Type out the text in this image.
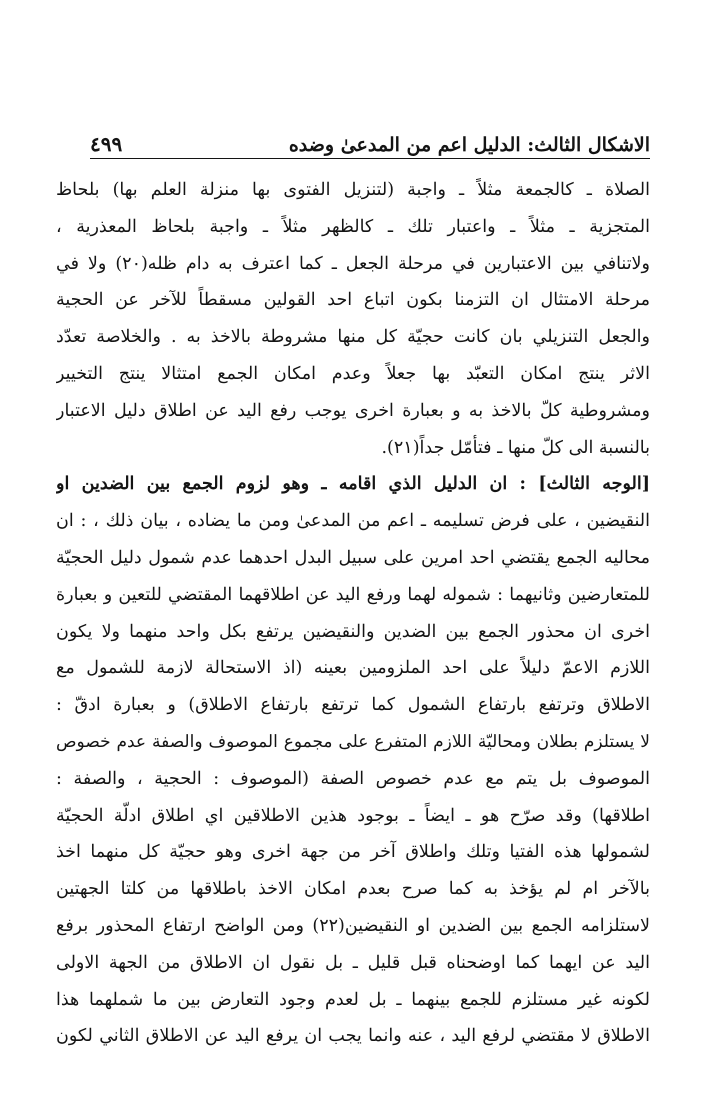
الاشكال الثالث: الدليل اعم من المدعیٰ وضده
٤٩٩
الصلاة ـ كالجمعة مثلاً ـ واجبة (لتنزيل الفتوى بها منزلة العلم بها) بلحاظ
المتجزية ـ مثلاً ـ واعتبار تلك ـ كالظهر مثلاً ـ واجبة بلحاظ المعذرية ،
ولاتنافي بين الاعتبارين في مرحلة الجعل ـ كما اعترف به دام ظله(٢٠) ولا في
مرحلة الامتثال ان التزمنا بكون اتباع احد القولين مسقطاً للآخر عن الحجية
والجعل التنزيلي بان كانت حجيّة كل منها مشروطة بالاخذ به . والخلاصة تعدّد
الاثر ينتج امكان التعبّد بها جعلاً وعدم امكان الجمع امتثالا ينتج التخيير
ومشروطية كلّ بالاخذ به و بعبارة اخرى يوجب رفع اليد عن اطلاق دليل الاعتبار
بالنسبة الى كلّ منها ـ فتأمّل جداً(٢١).
[الوجه الثالث] : ان الدليل الذي اقامه ـ وهو لزوم الجمع بين الضدين او
النقيضين ، على فرض تسليمه ـ اعم من المدعیٰ ومن ما يضاده ، بيان ذلك ، : ان
محاليه الجمع يقتضي احد امرين على سبيل البدل احدهما عدم شمول دليل الحجيّة
للمتعارضين وثانيهما : شموله لهما ورفع اليد عن اطلاقهما المقتضي للتعين و بعبارة
اخرى ان محذور الجمع بين الضدين والنقيضين يرتفع بكل واحد منهما ولا يكون
اللازم الاعمّ دليلاً على احد الملزومين بعينه (اذ الاستحالة لازمة للشمول مع
الاطلاق وترتفع بارتفاع الشمول كما ترتفع بارتفاع الاطلاق) و بعبارة ادقّ :
لا يستلزم بطلان ومحاليّة اللازم المتفرع على مجموع الموصوف والصفة عدم خصوص
الموصوف بل يتم مع عدم خصوص الصفة (الموصوف : الحجية ، والصفة :
اطلاقها) وقد صرّح هو ـ ايضاً ـ بوجود هذين الاطلاقين اي اطلاق ادلّة الحجيّة
لشمولها هذه الفتيا وتلك واطلاق آخر من جهة اخرى وهو حجيّة كل منهما اخذ
بالآخر ام لم يؤخذ به كما صرح بعدم امكان الاخذ باطلاقها من كلتا الجهتين
لاستلزامه الجمع بين الضدين او النقيضين(٢٢) ومن الواضح ارتفاع المحذور برفع
اليد عن ايهما كما اوضحناه قبل قليل ـ بل نقول ان الاطلاق من الجهة الاولى
لكونه غير مستلزم للجمع بينهما ـ بل لعدم وجود التعارض بين ما شملهما هذا
الاطلاق لا مقتضي لرفع اليد ، عنه وانما يجب ان يرفع اليد عن الاطلاق الثاني لكون
